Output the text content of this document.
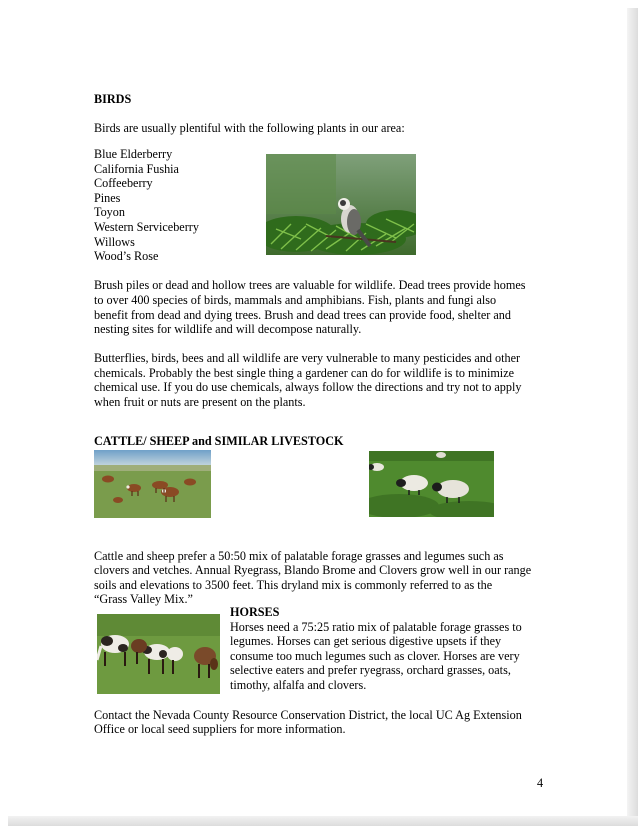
BIRDS

Birds are usually plentiful with the following plants in our area:

Blue Elderberry
California Fushia
Coffeeberry
Pines
Toyon
Western Serviceberry
Willows
Wood’s Rose

Brush piles or dead and hollow trees are valuable for wildlife. Dead trees provide homes

to over 400 species of birds, mammals and amphibians. Fish, plants and fungi also

benefit from dead and dying trees. Brush and dead trees can provide food, shelter and

nesting sites for wildlife and will decompose naturally.

Butterflies, birds, bees and all wildlife are very vulnerable to many pesticides and other

chemicals. Probably the best single thing a gardener can do for wildlife is to minimize

chemical use. If you do use chemicals, always follow the directions and try not to apply

when fruit or nuts are present on the plants.

CATTLE/ SHEEP and SIMILAR LIVESTOCK

Cattle and sheep prefer a 50:50 mix of palatable forage grasses and legumes such as

clovers and vetches. Annual Ryegrass, Blando Brome and Clovers grow well in our range

soils and elevations to 3500 feet. This dryland mix is commonly referred to as the

“Grass Valley Mix.”

HORSES

Horses need a 75:25 ratio mix of palatable forage grasses to

legumes. Horses can get serious digestive upsets if they

consume too much legumes such as clover. Horses are very

selective eaters and prefer ryegrass, orchard grasses, oats,

timothy, alfalfa and clovers.

Contact the Nevada County Resource Conservation District, the local UC Ag Extension

Office or local seed suppliers for more information.

4
